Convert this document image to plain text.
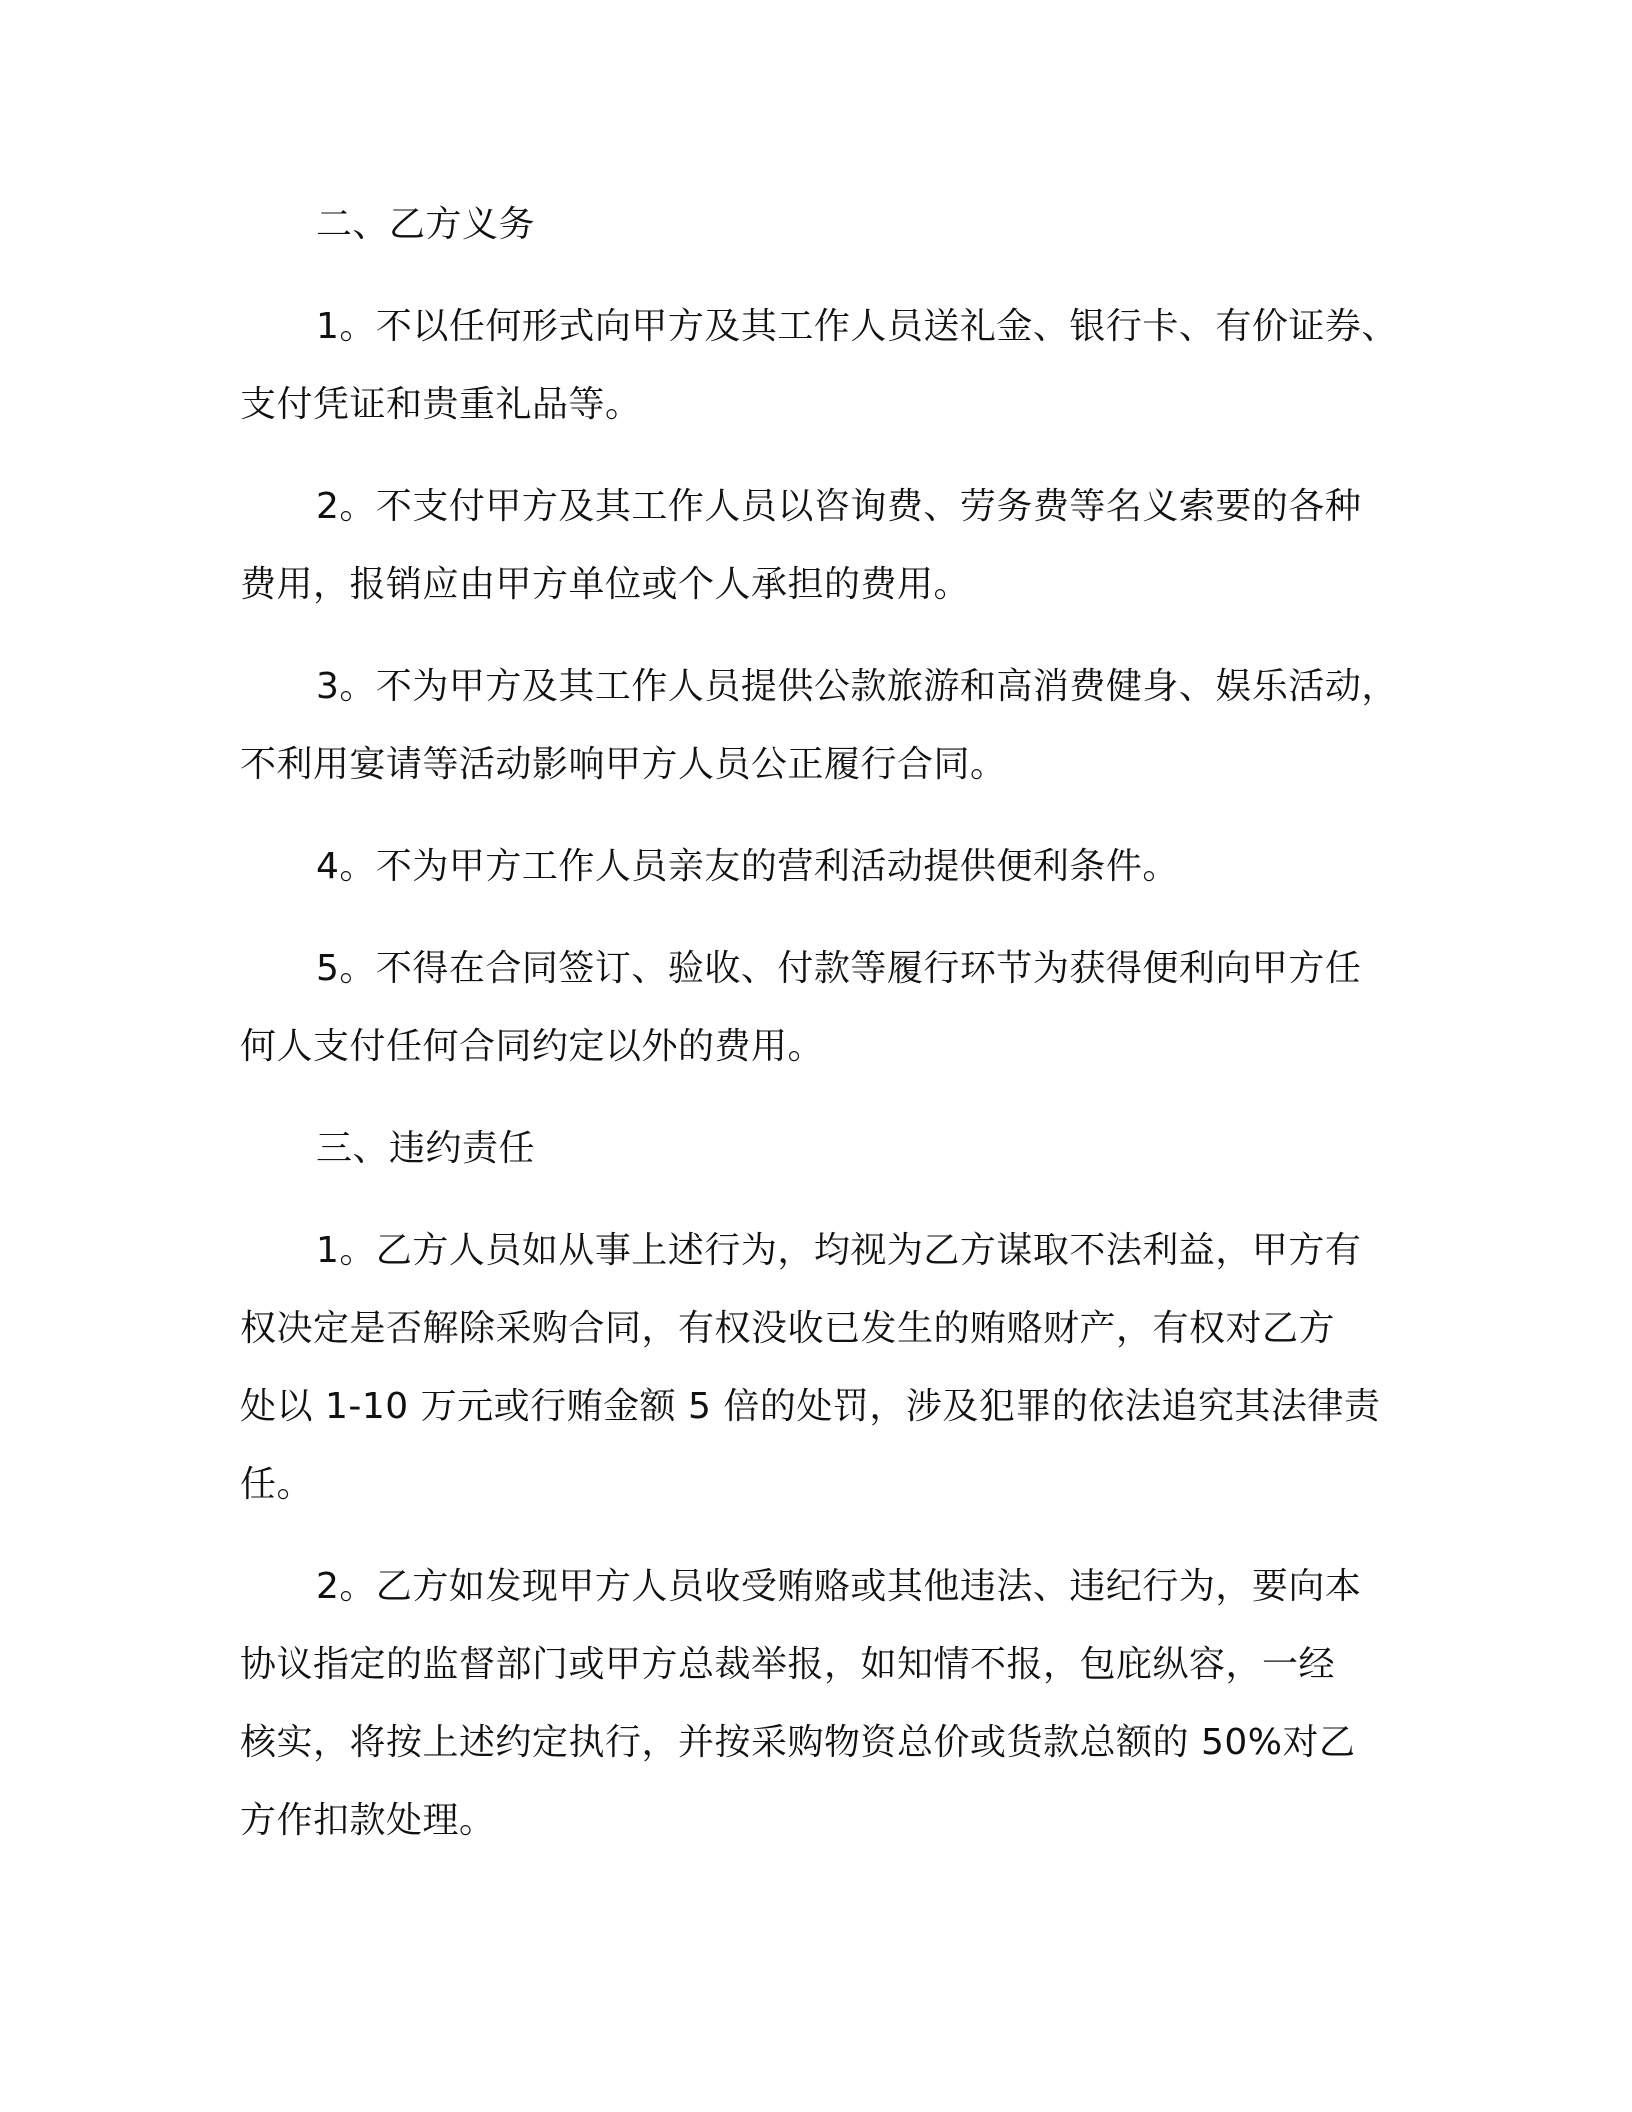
二、乙方义务
1。不以任何形式向甲方及其工作人员送礼金、银行卡、有价证券、
支付凭证和贵重礼品等。
2。不支付甲方及其工作人员以咨询费、劳务费等名义索要的各种
费用，报销应由甲方单位或个人承担的费用。
3。不为甲方及其工作人员提供公款旅游和高消费健身、娱乐活动，
不利用宴请等活动影响甲方人员公正履行合同。
4。不为甲方工作人员亲友的营利活动提供便利条件。
5。不得在合同签订、验收、付款等履行环节为获得便利向甲方任
何人支付任何合同约定以外的费用。
三、违约责任
1。乙方人员如从事上述行为，均视为乙方谋取不法利益，甲方有
权决定是否解除采购合同，有权没收已发生的贿赂财产，有权对乙方
处以 1-10 万元或行贿金额 5 倍的处罚，涉及犯罪的依法追究其法律责
任。
2。乙方如发现甲方人员收受贿赂或其他违法、违纪行为，要向本
协议指定的监督部门或甲方总裁举报，如知情不报，包庇纵容，一经
核实，将按上述约定执行，并按采购物资总价或货款总额的 50%对乙
方作扣款处理。
